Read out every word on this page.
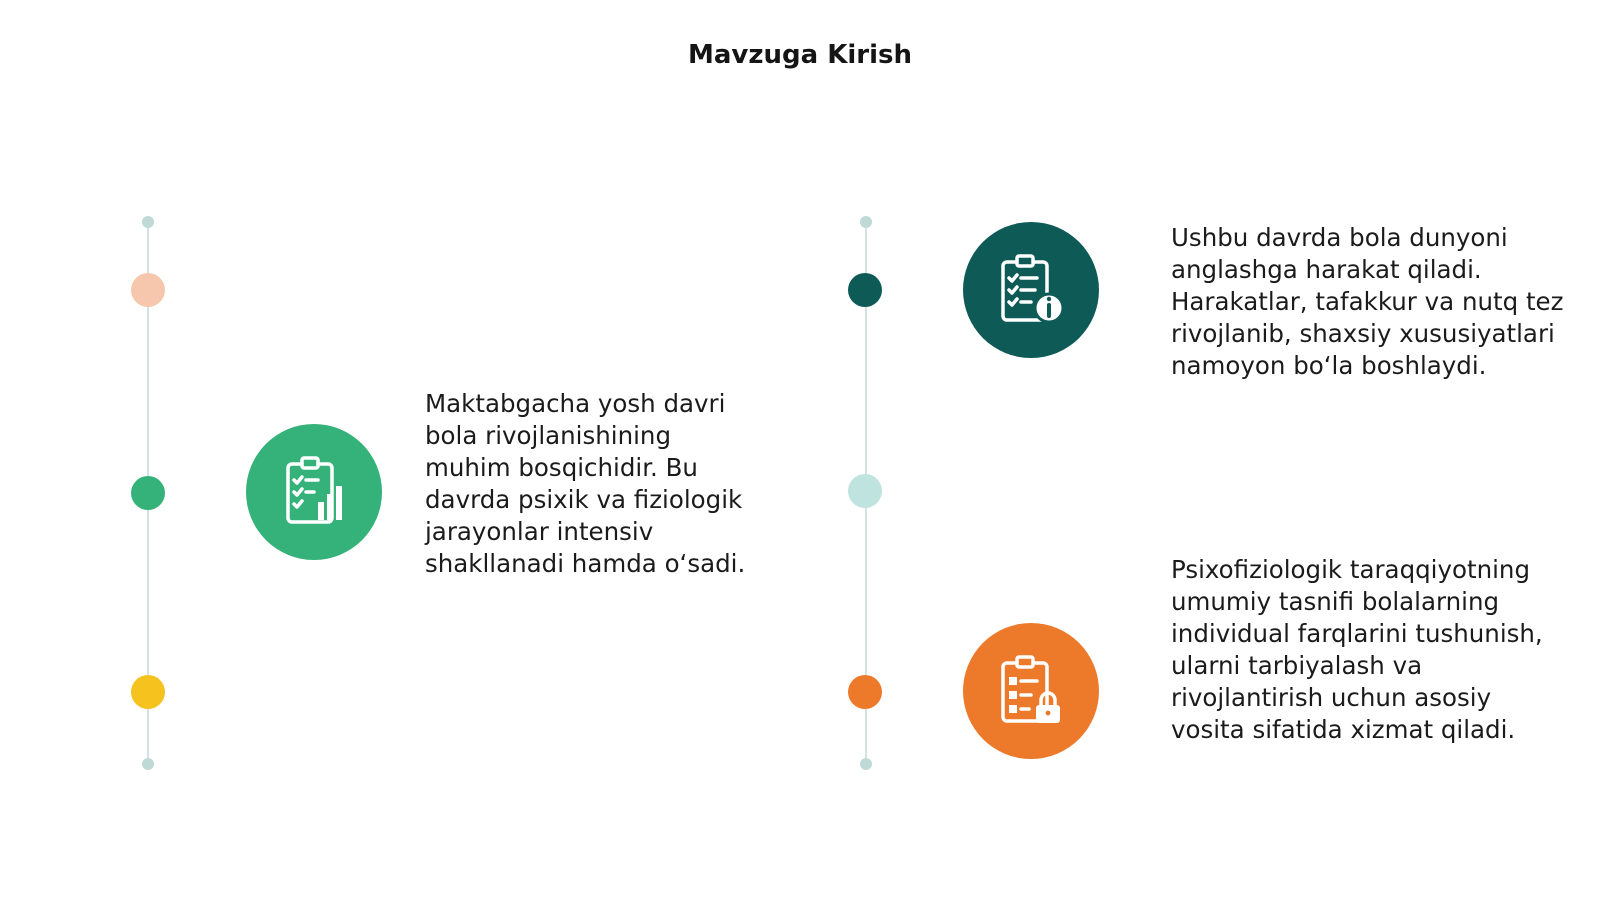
Mavzuga Kirish

Maktabgacha yosh davri bola rivojlanishining muhim bosqichidir. Bu davrda psixik va fiziologik jarayonlar intensiv shakllanadi hamda o‘sadi.

Ushbu davrda bola dunyoni anglashga harakat qiladi. Harakatlar, tafakkur va nutq tez rivojlanib, shaxsiy xususiyatlari namoyon bo‘la boshlaydi.

Psixofiziologik taraqqiyotning umumiy tasnifi bolalarning individual farqlarini tushunish, ularni tarbiyalash va rivojlantirish uchun asosiy vosita sifatida xizmat qiladi.
